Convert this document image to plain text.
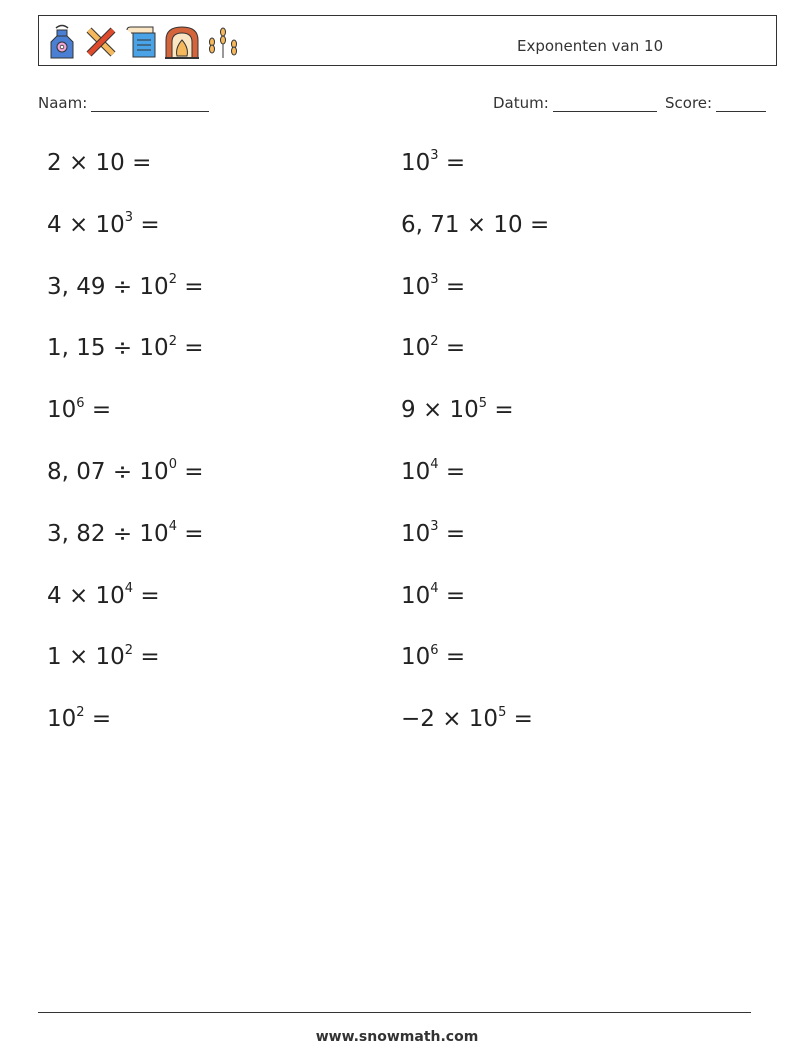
Exponenten van 10
Naam:	Datum:	Score:
2 × 10 =	$10^3$ =
$4 \times 10^3$ =	6, 71 × 10 =
3, $49 \div 10^2$ =	$10^3$ =
1, $15 \div 10^2$ =	$10^2$ =
$10^6$ =	$9 \times 10^5$ =
8, $07 \div 10^0$ =	$10^4$ =
3, $82 \div 10^4$ =	$10^3$ =
$4 \times 10^4$ =	$10^4$ =
$1 \times 10^2$ =	$10^6$ =
$10^2$ =	$-2 \times 10^5$ =
www.snowmath.com
